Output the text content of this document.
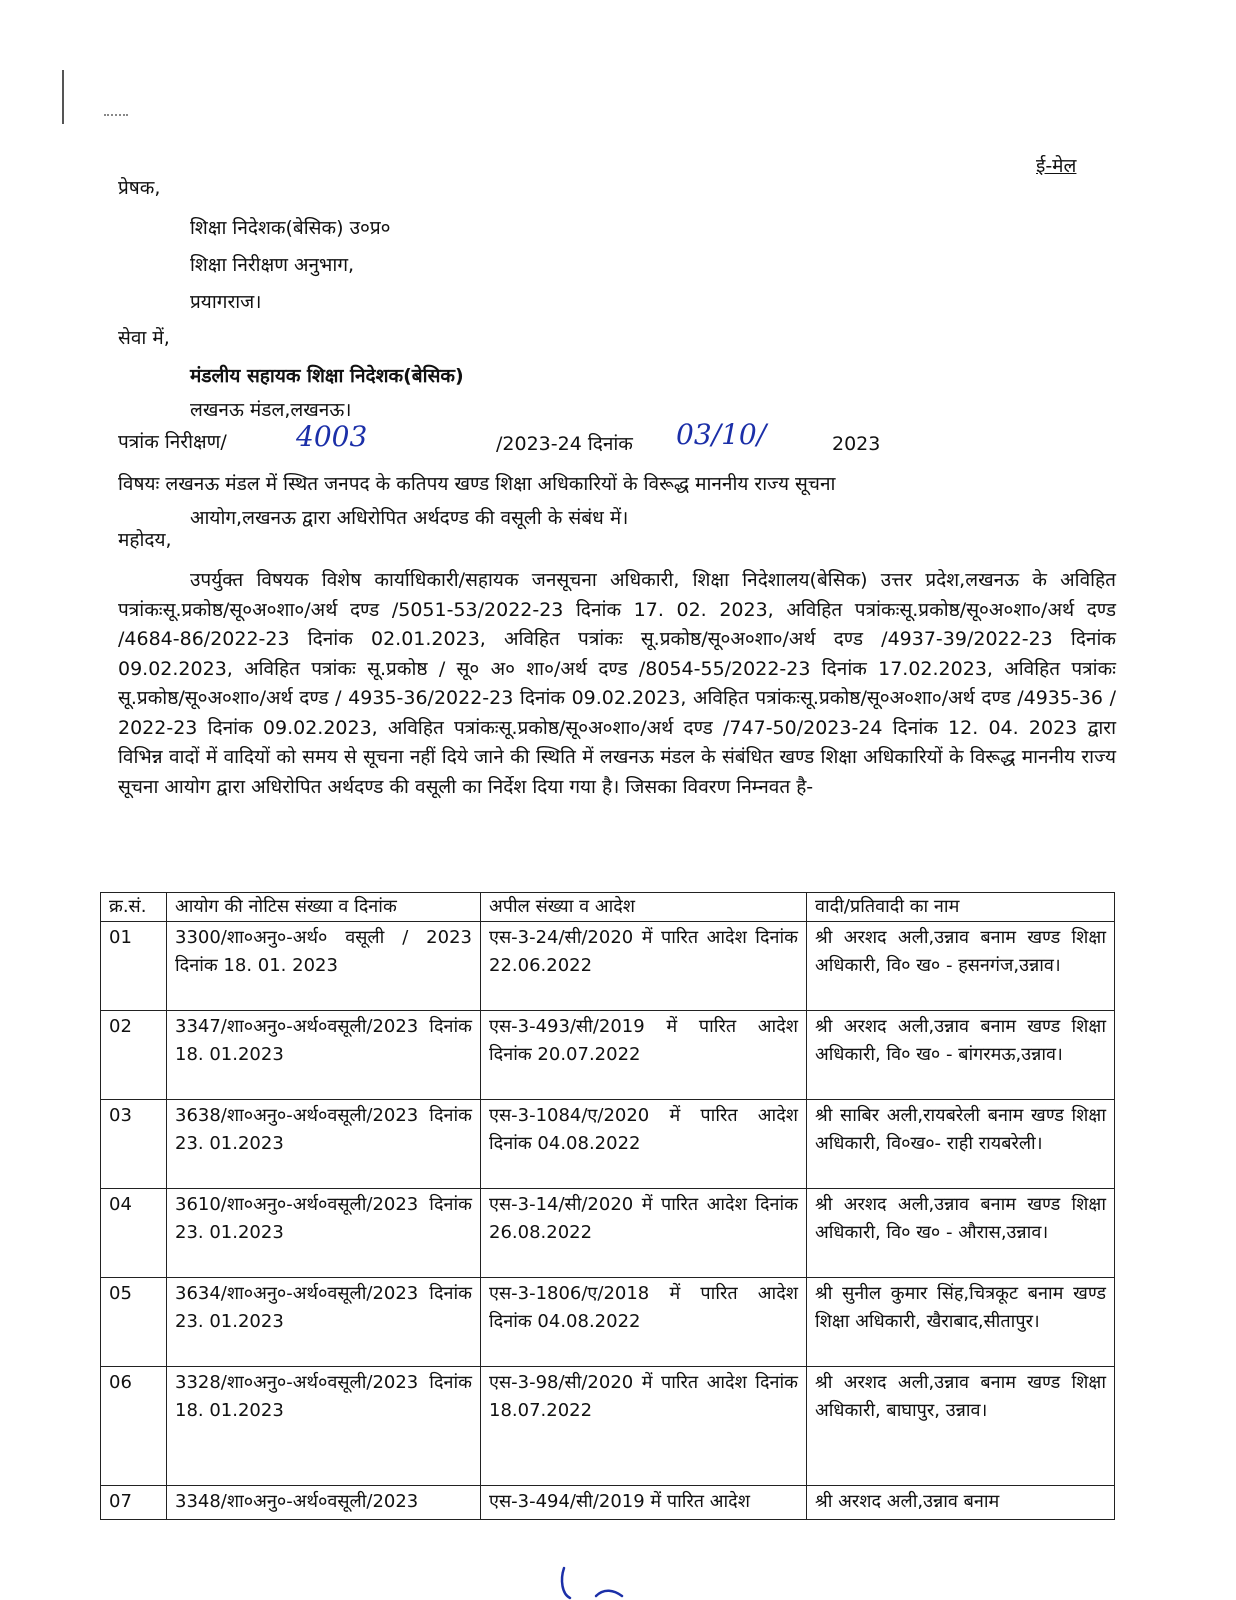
ई-मेल
प्रेषक,
शिक्षा निदेशक(बेसिक) उ०प्र०
शिक्षा निरीक्षण अनुभाग,
प्रयागराज।
सेवा में,
मंडलीय सहायक शिक्षा निदेशक(बेसिक)
लखनऊ मंडल,लखनऊ।
पत्रांक निरीक्षण/ 4003	/2023-24 दिनांक 03/10/	2023
विषयः लखनऊ मंडल में स्थित जनपद के कतिपय खण्ड शिक्षा अधिकारियों के विरूद्ध माननीय राज्य सूचना
आयोग,लखनऊ द्वारा अधिरोपित अर्थदण्ड की वसूली के संबंध में।
महोदय,
उपर्युक्त विषयक विशेष कार्याधिकारी/सहायक जनसूचना अधिकारी, शिक्षा निदेशालय(बेसिक) उत्तर प्रदेश,लखनऊ के अविहित पत्रांकःसू.प्रकोष्ठ/सू०अ०शा०/अर्थ दण्ड /5051-53/2022-23 दिनांक 17. 02. 2023, अविहित पत्रांकःसू.प्रकोष्ठ/सू०अ०शा०/अर्थ दण्ड /4684-86/2022-23 दिनांक 02.01.2023, अविहित पत्रांकः सू.प्रकोष्ठ/सू०अ०शा०/अर्थ दण्ड /4937-39/2022-23 दिनांक 09.02.2023, अविहित पत्रांकः सू.प्रकोष्ठ / सू० अ० शा०/अर्थ दण्ड /8054-55/2022-23 दिनांक 17.02.2023, अविहित पत्रांकः सू.प्रकोष्ठ/सू०अ०शा०/अर्थ दण्ड / 4935-36/2022-23 दिनांक 09.02.2023, अविहित पत्रांकःसू.प्रकोष्ठ/सू०अ०शा०/अर्थ दण्ड /4935-36 / 2022-23 दिनांक 09.02.2023, अविहित पत्रांकःसू.प्रकोष्ठ/सू०अ०शा०/अर्थ दण्ड /747-50/2023-24 दिनांक 12. 04. 2023 द्वारा विभिन्न वादों में वादियों को समय से सूचना नहीं दिये जाने की स्थिति में लखनऊ मंडल के संबंधित खण्ड शिक्षा अधिकारियों के विरूद्ध माननीय राज्य सूचना आयोग द्वारा अधिरोपित अर्थदण्ड की वसूली का निर्देश दिया गया है। जिसका विवरण निम्नवत है-
क्र.सं.	आयोग की नोटिस संख्या व दिनांक	अपील संख्या व आदेश	वादी/प्रतिवादी का नाम
01	3300/शा०अनु०-अर्थ० वसूली / 2023 दिनांक 18. 01. 2023	एस-3-24/सी/2020 में पारित आदेश दिनांक 22.06.2022	श्री अरशद अली,उन्नाव बनाम खण्ड शिक्षा अधिकारी, वि० ख० - हसनगंज,उन्नाव।
02	3347/शा०अनु०-अर्थ०वसूली/2023 दिनांक 18. 01.2023	एस-3-493/सी/2019 में पारित आदेश दिनांक 20.07.2022	श्री अरशद अली,उन्नाव बनाम खण्ड शिक्षा अधिकारी, वि० ख० - बांगरमऊ,उन्नाव।
03	3638/शा०अनु०-अर्थ०वसूली/2023 दिनांक 23. 01.2023	एस-3-1084/ए/2020 में पारित आदेश दिनांक 04.08.2022	श्री साबिर अली,रायबरेली बनाम खण्ड शिक्षा अधिकारी, वि०ख०- राही रायबरेली।
04	3610/शा०अनु०-अर्थ०वसूली/2023 दिनांक 23. 01.2023	एस-3-14/सी/2020 में पारित आदेश दिनांक 26.08.2022	श्री अरशद अली,उन्नाव बनाम खण्ड शिक्षा अधिकारी, वि० ख० - औरास,उन्नाव।
05	3634/शा०अनु०-अर्थ०वसूली/2023 दिनांक 23. 01.2023	एस-3-1806/ए/2018 में पारित आदेश दिनांक 04.08.2022	श्री सुनील कुमार सिंह,चित्रकूट बनाम खण्ड शिक्षा अधिकारी, खैराबाद,सीतापुर।
06	3328/शा०अनु०-अर्थ०वसूली/2023 दिनांक 18. 01.2023	एस-3-98/सी/2020 में पारित आदेश दिनांक 18.07.2022	श्री अरशद अली,उन्नाव बनाम खण्ड शिक्षा अधिकारी, बाघापुर, उन्नाव।
07	3348/शा०अनु०-अर्थ०वसूली/2023	एस-3-494/सी/2019 में पारित आदेश	श्री अरशद अली,उन्नाव बनाम
